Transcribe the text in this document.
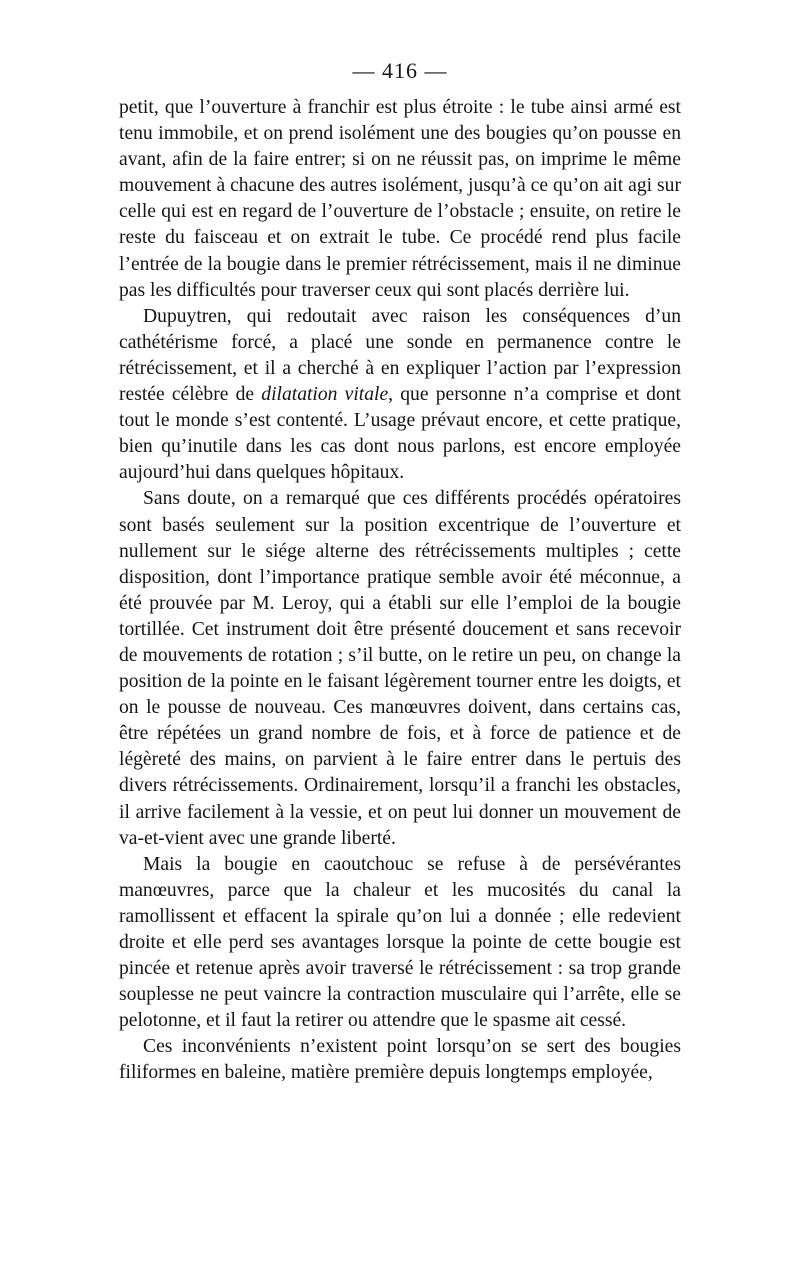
— 416 —

petit, que l’ouverture à franchir est plus étroite : le tube ainsi armé est tenu immobile, et on prend isolément une des bougies qu’on pousse en avant, afin de la faire entrer; si on ne réussit pas, on imprime le même mouvement à chacune des autres isolément, jusqu’à ce qu’on ait agi sur celle qui est en regard de l’ouverture de l’obstacle ; ensuite, on retire le reste du faisceau et on extrait le tube. Ce procédé rend plus facile l’entrée de la bougie dans le premier rétrécissement, mais il ne diminue pas les difficultés pour traverser ceux qui sont placés derrière lui.

Dupuytren, qui redoutait avec raison les conséquences d’un cathétérisme forcé, a placé une sonde en permanence contre le rétrécissement, et il a cherché à en expliquer l’action par l’expression restée célèbre de dilatation vitale, que personne n’a comprise et dont tout le monde s’est contenté. L’usage prévaut encore, et cette pratique, bien qu’inutile dans les cas dont nous parlons, est encore employée aujourd’hui dans quelques hôpitaux.

Sans doute, on a remarqué que ces différents procédés opératoires sont basés seulement sur la position excentrique de l’ouverture et nullement sur le siége alterne des rétrécissements multiples ; cette disposition, dont l’importance pratique semble avoir été méconnue, a été prouvée par M. Leroy, qui a établi sur elle l’emploi de la bougie tortillée. Cet instrument doit être présenté doucement et sans recevoir de mouvements de rotation ; s’il butte, on le retire un peu, on change la position de la pointe en le faisant légèrement tourner entre les doigts, et on le pousse de nouveau. Ces manœuvres doivent, dans certains cas, être répétées un grand nombre de fois, et à force de patience et de légèreté des mains, on parvient à le faire entrer dans le pertuis des divers rétrécissements. Ordinairement, lorsqu’il a franchi les obstacles, il arrive facilement à la vessie, et on peut lui donner un mouvement de va-et-vient avec une grande liberté.

Mais la bougie en caoutchouc se refuse à de persévérantes manœuvres, parce que la chaleur et les mucosités du canal la ramollissent et effacent la spirale qu’on lui a donnée ; elle redevient droite et elle perd ses avantages lorsque la pointe de cette bougie est pincée et retenue après avoir traversé le rétrécissement : sa trop grande souplesse ne peut vaincre la contraction musculaire qui l’arrête, elle se pelotonne, et il faut la retirer ou attendre que le spasme ait cessé.

Ces inconvénients n’existent point lorsqu’on se sert des bougies filiformes en baleine, matière première depuis longtemps employée,
